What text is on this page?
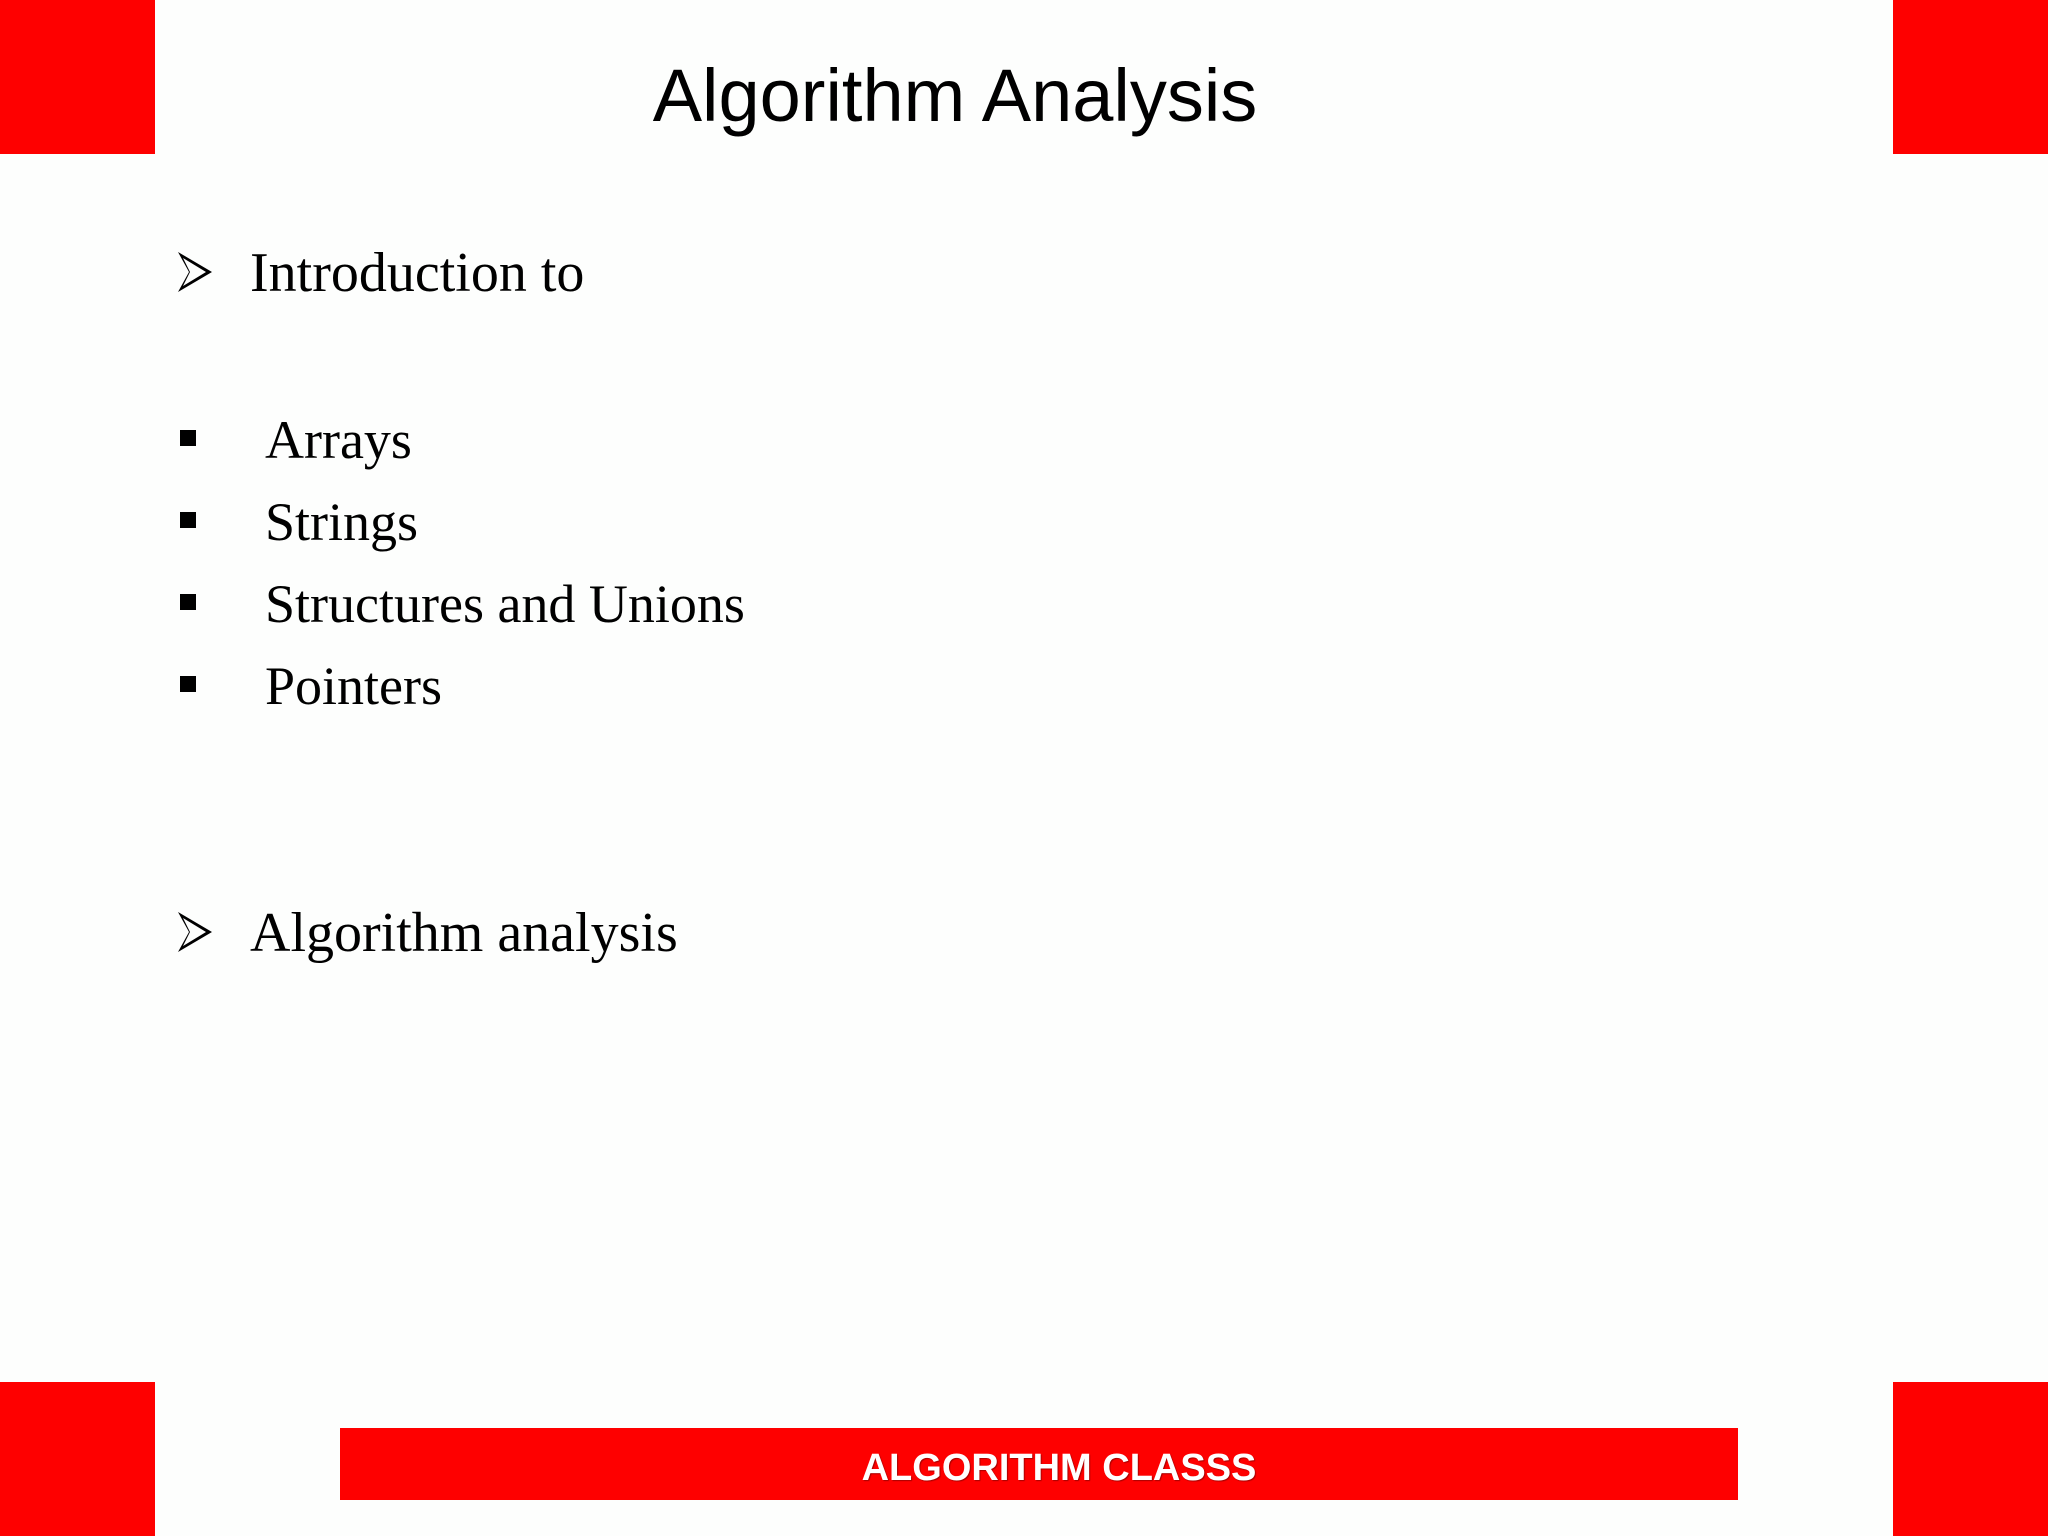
Algorithm Analysis
Introduction to
Arrays
Strings
Structures and Unions
Pointers
Algorithm analysis
ALGORITHM CLASSS
